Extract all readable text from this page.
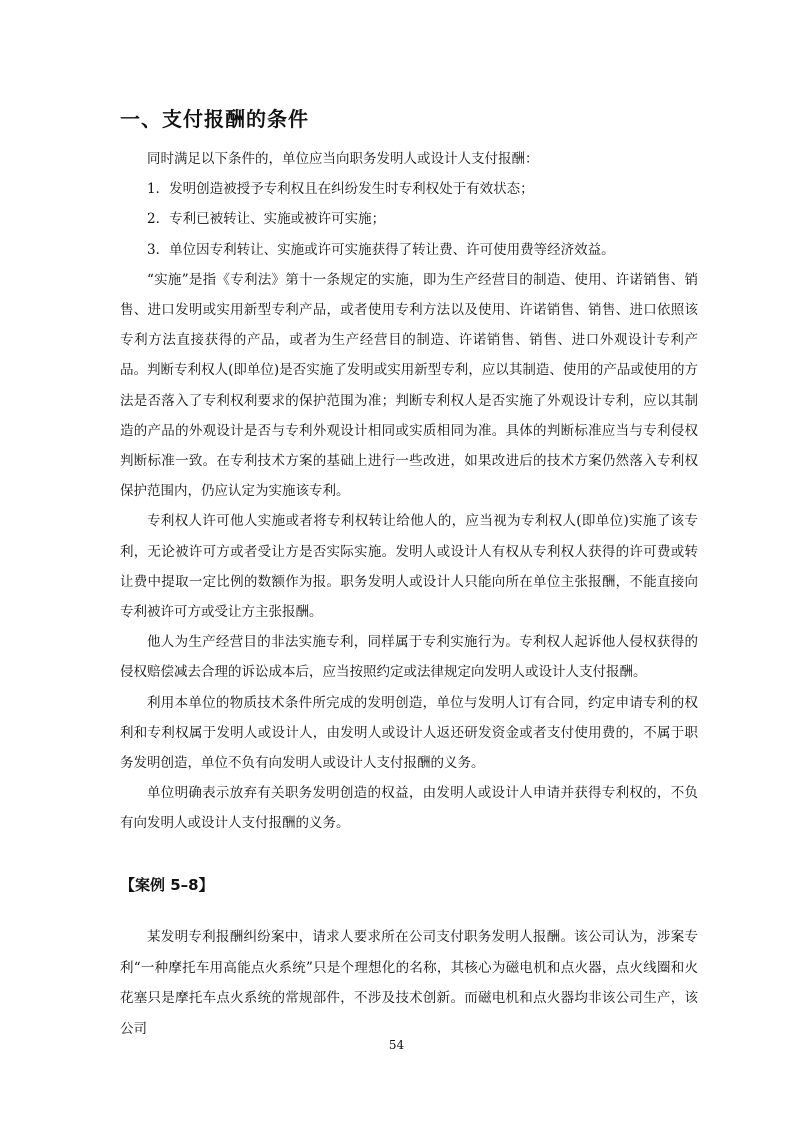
一、支付报酬的条件

同时满足以下条件的，单位应当向职务发明人或设计人支付报酬：

1．发明创造被授予专利权且在纠纷发生时专利权处于有效状态；

2．专利已被转让、实施或被许可实施；

3．单位因专利转让、实施或许可实施获得了转让费、许可使用费等经济效益。

“实施”是指《专利法》第十一条规定的实施，即为生产经营目的制造、使用、许诺销售、销售、进口发明或实用新型专利产品，或者使用专利方法以及使用、许诺销售、销售、进口依照该专利方法直接获得的产品，或者为生产经营目的制造、许诺销售、销售、进口外观设计专利产品。判断专利权人(即单位)是否实施了发明或实用新型专利，应以其制造、使用的产品或使用的方法是否落入了专利权利要求的保护范围为准；判断专利权人是否实施了外观设计专利，应以其制造的产品的外观设计是否与专利外观设计相同或实质相同为准。具体的判断标准应当与专利侵权判断标准一致。在专利技术方案的基础上进行一些改进，如果改进后的技术方案仍然落入专利权保护范围内，仍应认定为实施该专利。

专利权人许可他人实施或者将专利权转让给他人的，应当视为专利权人(即单位)实施了该专利，无论被许可方或者受让方是否实际实施。发明人或设计人有权从专利权人获得的许可费或转让费中提取一定比例的数额作为报。职务发明人或设计人只能向所在单位主张报酬，不能直接向专利被许可方或受让方主张报酬。

他人为生产经营目的非法实施专利，同样属于专利实施行为。专利权人起诉他人侵权获得的侵权赔偿减去合理的诉讼成本后，应当按照约定或法律规定向发明人或设计人支付报酬。

利用本单位的物质技术条件所完成的发明创造，单位与发明人订有合同，约定申请专利的权利和专利权属于发明人或设计人，由发明人或设计人返还研发资金或者支付使用费的，不属于职务发明创造，单位不负有向发明人或设计人支付报酬的义务。

单位明确表示放弃有关职务发明创造的权益，由发明人或设计人申请并获得专利权的，不负有向发明人或设计人支付报酬的义务。

【案例 5–8】

某发明专利报酬纠纷案中，请求人要求所在公司支付职务发明人报酬。该公司认为，涉案专利“一种摩托车用高能点火系统”只是个理想化的名称，其核心为磁电机和点火器，点火线圈和火花塞只是摩托车点火系统的常规部件，不涉及技术创新。而磁电机和点火器均非该公司生产，该公司

54
